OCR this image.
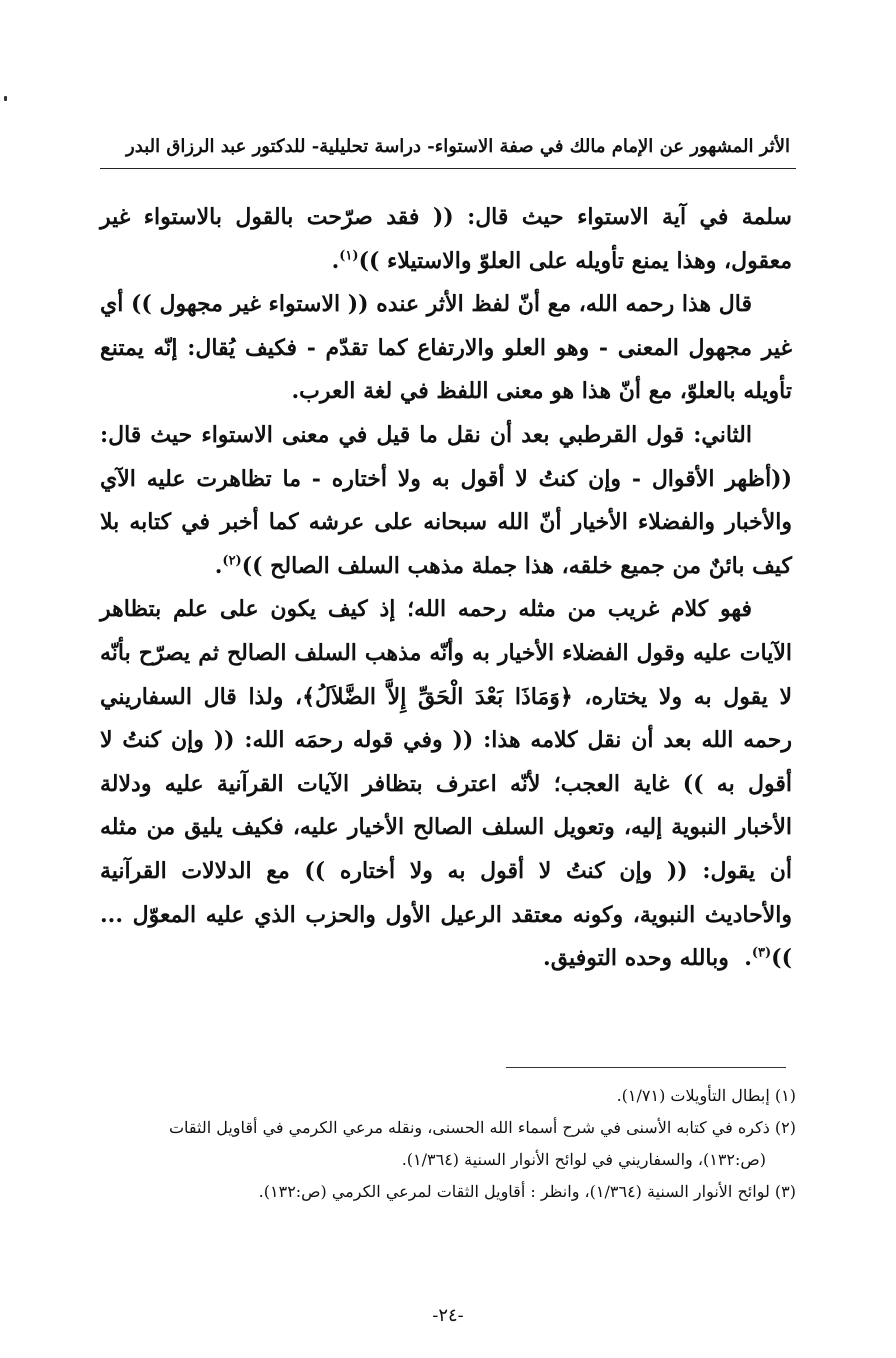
الأثر المشهور عن الإمام مالك في صفة الاستواء- دراسة تحليلية- للدكتور عبد الرزاق البدر

سلمة في آية الاستواء حيث قال: (( فقد صرّحت بالقول بالاستواء غير معقول، وهذا يمنع تأويله على العلوّ والاستيلاء ))$^{(١)}$.

قال هذا رحمه الله، مع أنّ لفظ الأثر عنده (( الاستواء غير مجهول )) أي غير مجهول المعنى - وهو العلو والارتفاع كما تقدّم - فكيف يُقال: إنّه يمتنع تأويله بالعلوّ، مع أنّ هذا هو معنى اللفظ في لغة العرب.

الثاني: قول القرطبي بعد أن نقل ما قيل في معنى الاستواء حيث قال: ((أظهر الأقوال - وإن كنتُ لا أقول به ولا أختاره - ما تظاهرت عليه الآي والأخبار والفضلاء الأخيار أنّ الله سبحانه على عرشه كما أخبر في كتابه بلا كيف بائنٌ من جميع خلقه، هذا جملة مذهب السلف الصالح ))$^{(٢)}$.

فهو كلام غريب من مثله رحمه الله؛ إذ كيف يكون على علم بتظاهر الآيات عليه وقول الفضلاء الأخيار به وأنّه مذهب السلف الصالح ثم يصرّح بأنّه لا يقول به ولا يختاره، ﴿وَمَاذَا بَعْدَ الْحَقِّ إِلاَّ الضَّلاَلُ﴾، ولذا قال السفاريني رحمه الله بعد أن نقل كلامه هذا: (( وفي قوله رحمَه الله: (( وإن كنتُ لا أقول به )) غاية العجب؛ لأنّه اعترف بتظافر الآيات القرآنية عليه ودلالة الأخبار النبوية إليه، وتعويل السلف الصالح الأخيار عليه، فكيف يليق من مثله أن يقول: (( وإن كنتُ لا أقول به ولا أختاره )) مع الدلالات القرآنية والأحاديث النبوية، وكونه معتقد الرعيل الأول والحزب الذي عليه المعوّل ... ))$^{(٣)}$.  وبالله وحده التوفيق.

(١) إبطال التأويلات (١/٧١).

(٢) ذكره في كتابه الأسنى في شرح أسماء الله الحسنى، ونقله مرعي الكرمي في أقاويل الثقات

(ص:١٣٢)، والسفاريني في لوائح الأنوار السنية (١/٣٦٤).

(٣) لوائح الأنوار السنية (١/٣٦٤)، وانظر : أقاويل الثقات لمرعي الكرمي (ص:١٣٢).

-٢٤-
